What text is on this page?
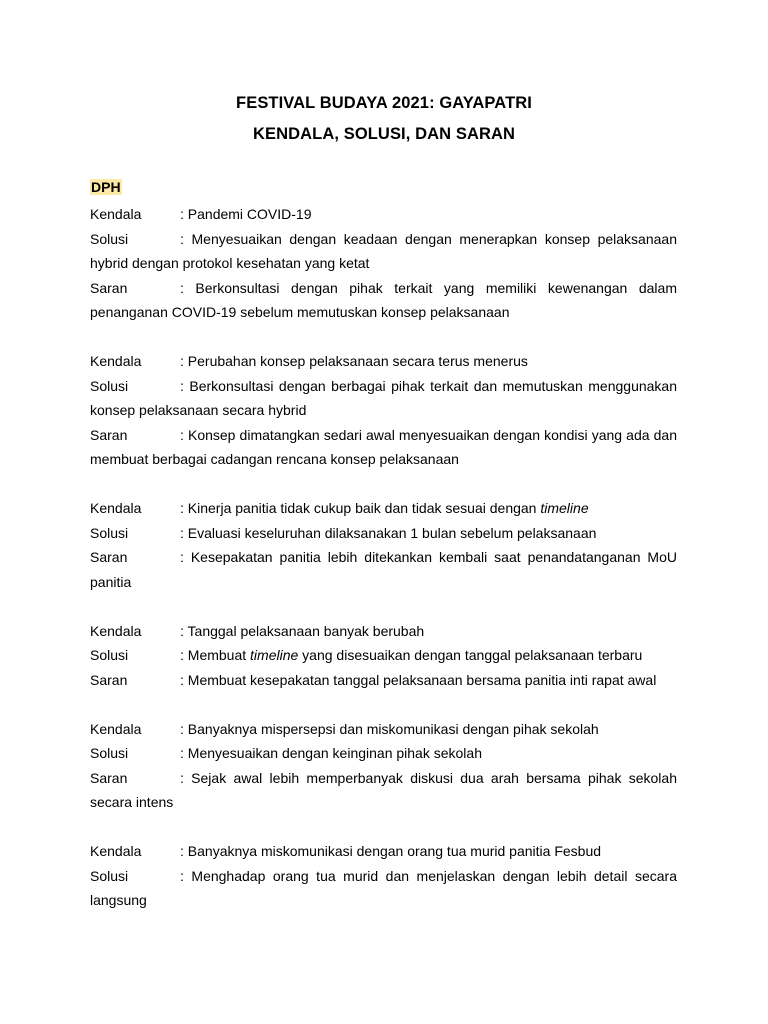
FESTIVAL BUDAYA 2021: GAYAPATRI
KENDALA, SOLUSI, DAN SARAN
DPH
Kendala	: Pandemi COVID-19
Solusi	: Menyesuaikan dengan keadaan dengan menerapkan konsep pelaksanaan hybrid dengan protokol kesehatan yang ketat
Saran	: Berkonsultasi dengan pihak terkait yang memiliki kewenangan dalam penanganan COVID-19 sebelum memutuskan konsep pelaksanaan
Kendala	: Perubahan konsep pelaksanaan secara terus menerus
Solusi	: Berkonsultasi dengan berbagai pihak terkait dan memutuskan menggunakan konsep pelaksanaan secara hybrid
Saran	: Konsep dimatangkan sedari awal menyesuaikan dengan kondisi yang ada dan membuat berbagai cadangan rencana konsep pelaksanaan
Kendala	: Kinerja panitia tidak cukup baik dan tidak sesuai dengan timeline
Solusi	: Evaluasi keseluruhan dilaksanakan 1 bulan sebelum pelaksanaan
Saran	: Kesepakatan panitia lebih ditekankan kembali saat penandatanganan MoU panitia
Kendala	: Tanggal pelaksanaan banyak berubah
Solusi	: Membuat timeline yang disesuaikan dengan tanggal pelaksanaan terbaru
Saran	: Membuat kesepakatan tanggal pelaksanaan bersama panitia inti rapat awal
Kendala	: Banyaknya mispersepsi dan miskomunikasi dengan pihak sekolah
Solusi	: Menyesuaikan dengan keinginan pihak sekolah
Saran	: Sejak awal lebih memperbanyak diskusi dua arah bersama pihak sekolah secara intens
Kendala	: Banyaknya miskomunikasi dengan orang tua murid panitia Fesbud
Solusi	: Menghadap orang tua murid dan menjelaskan dengan lebih detail secara langsung
